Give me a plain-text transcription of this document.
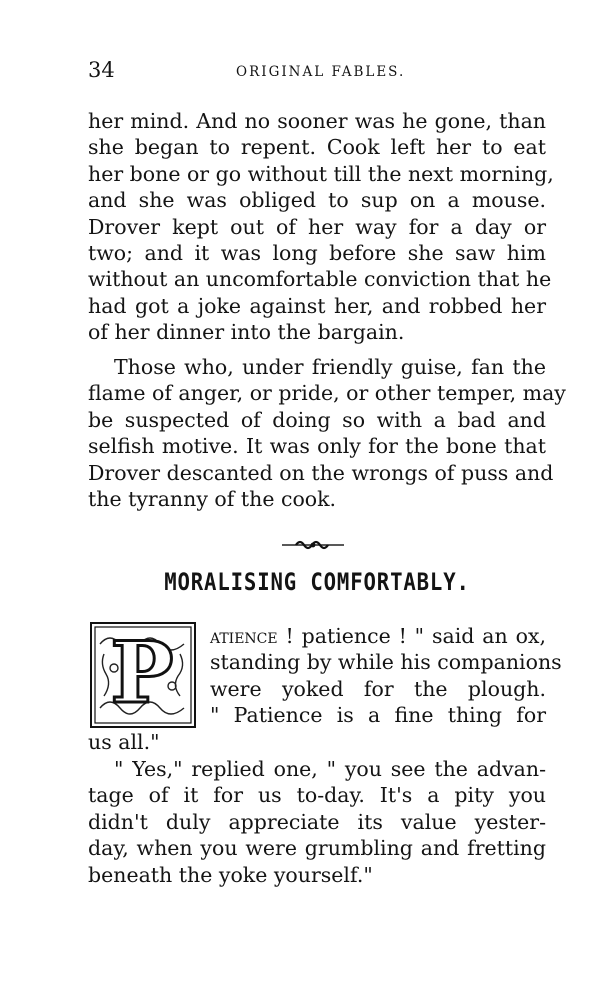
34	ORIGINAL FABLES.
her mind. And no sooner was he gone, than
she began to repent. Cook left her to eat
her bone or go without till the next morning,
and she was obliged to sup on a mouse.
Drover kept out of her way for a day or
two; and it was long before she saw him
without an uncomfortable conviction that he
had got a joke against her, and robbed her
of her dinner into the bargain.
Those who, under friendly guise, fan the
flame of anger, or pride, or other temper, may
be suspected of doing so with a bad and
selfish motive. It was only for the bone that
Drover descanted on the wrongs of puss and
the tyranny of the cook.
MORALISING COMFORTABLY.
P atience ! patience ! " said an ox,
standing by while his companions
were yoked for the plough.
" Patience is a fine thing for
us all."
" Yes," replied one, " you see the advan-
tage of it for us to-day. It's a pity you
didn't duly appreciate its value yester-
day, when you were grumbling and fretting
beneath the yoke yourself."
